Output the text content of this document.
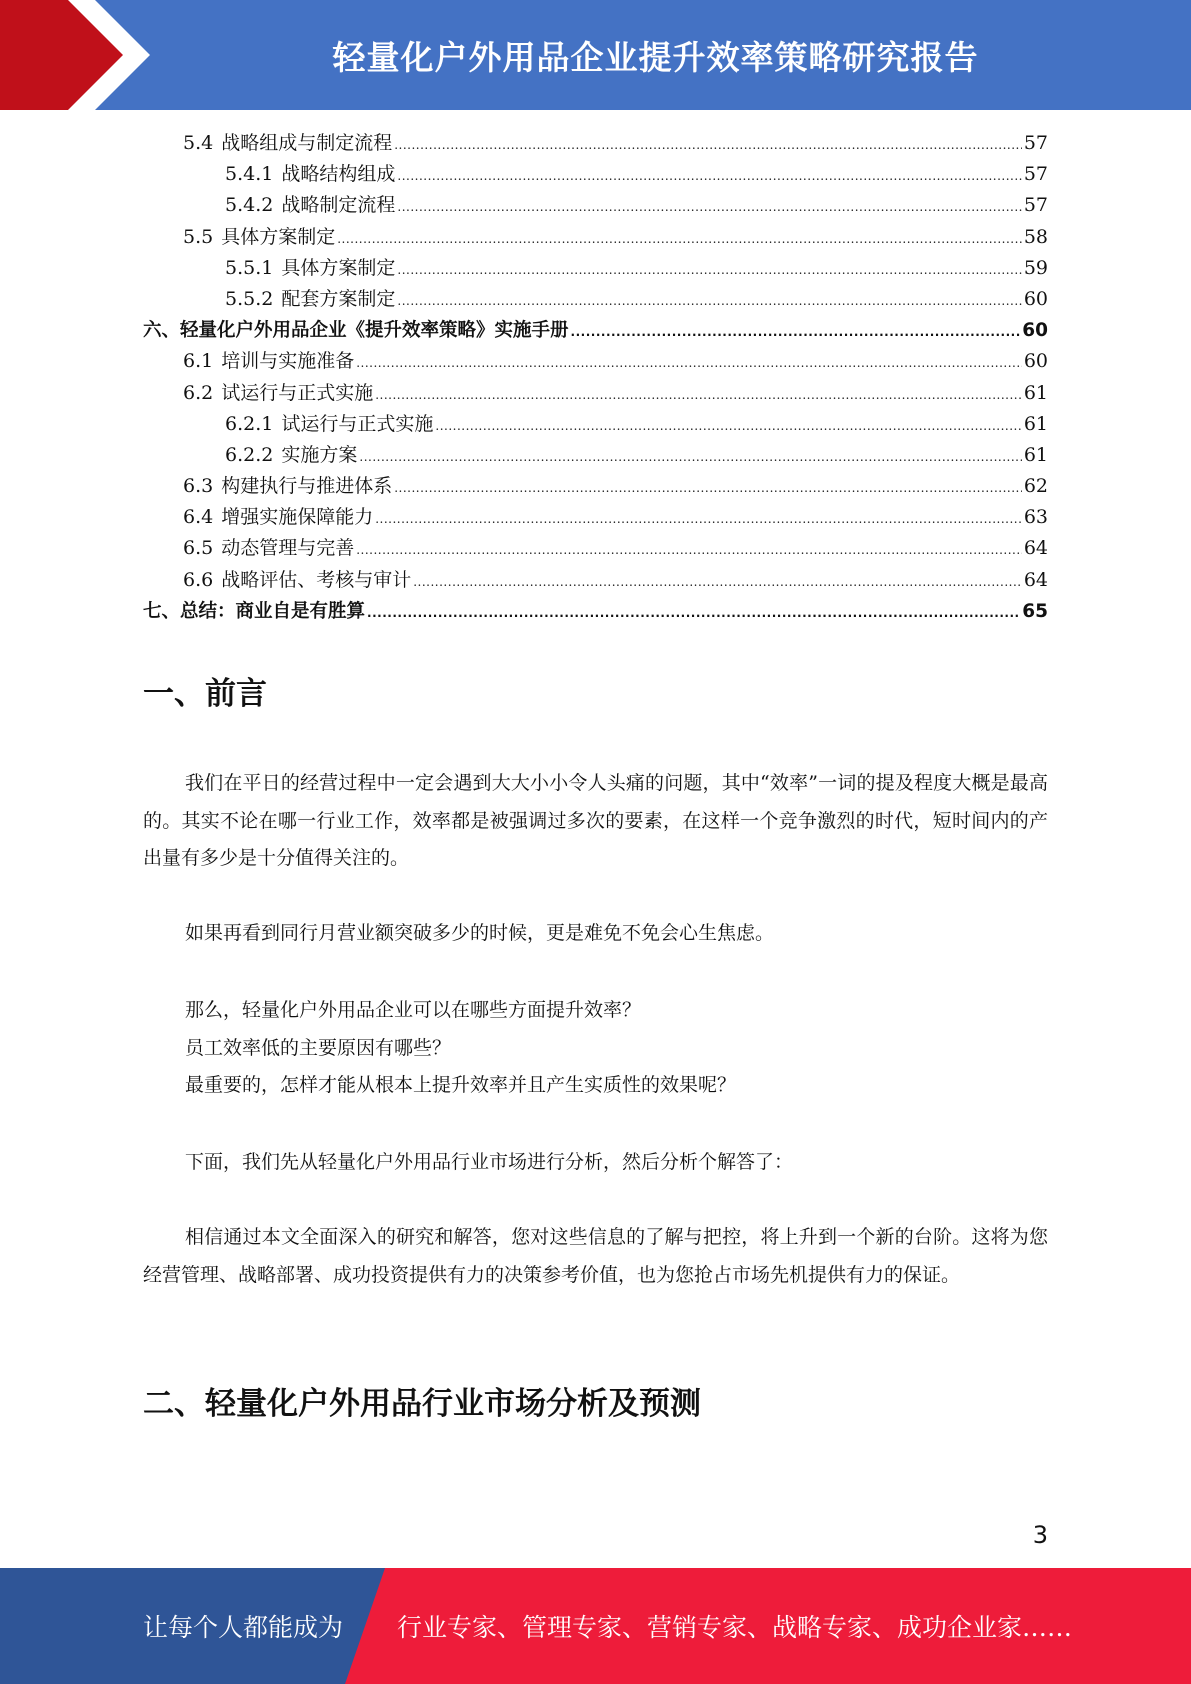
轻量化户外用品企业提升效率策略研究报告
5.4 战略组成与制定流程 .....	57
5.4.1 战略结构组成 .....	57
5.4.2 战略制定流程 .....	57
5.5 具体方案制定 .....	58
5.5.1 具体方案制定 .....	59
5.5.2 配套方案制定 .....	60
六、 轻量化户外用品企业《提升效率策略》实施手册 .....	60
6.1 培训与实施准备 .....	60
6.2 试运行与正式实施 .....	61
6.2.1 试运行与正式实施 .....	61
6.2.2 实施方案 .....	61
6.3 构建执行与推进体系 .....	62
6.4 增强实施保障能力 .....	63
6.5 动态管理与完善 .....	64
6.6 战略评估、考核与审计 .....	64
七、 总结：商业自是有胜算 .....	65
一、前言

我们在平日的经营过程中一定会遇到大大小小令人头痛的问题，其中“效率”一词的提及程度大概是最高的。其实不论在哪一行业工作，效率都是被强调过多次的要素，在这样一个竞争激烈的时代，短时间内的产出量有多少是十分值得关注的。

如果再看到同行月营业额突破多少的时候，更是难免不免会心生焦虑。

那么，轻量化户外用品企业可以在哪些方面提升效率？

员工效率低的主要原因有哪些？

最重要的，怎样才能从根本上提升效率并且产生实质性的效果呢？

下面，我们先从轻量化户外用品行业市场进行分析，然后分析个解答了：

相信通过本文全面深入的研究和解答，您对这些信息的了解与把控，将上升到一个新的台阶。这将为您经营管理、战略部署、成功投资提供有力的决策参考价值，也为您抢占市场先机提供有力的保证。

二、轻量化户外用品行业市场分析及预测
3
让每个人都能成为 行业专家、管理专家、营销专家、战略专家、成功企业家……
